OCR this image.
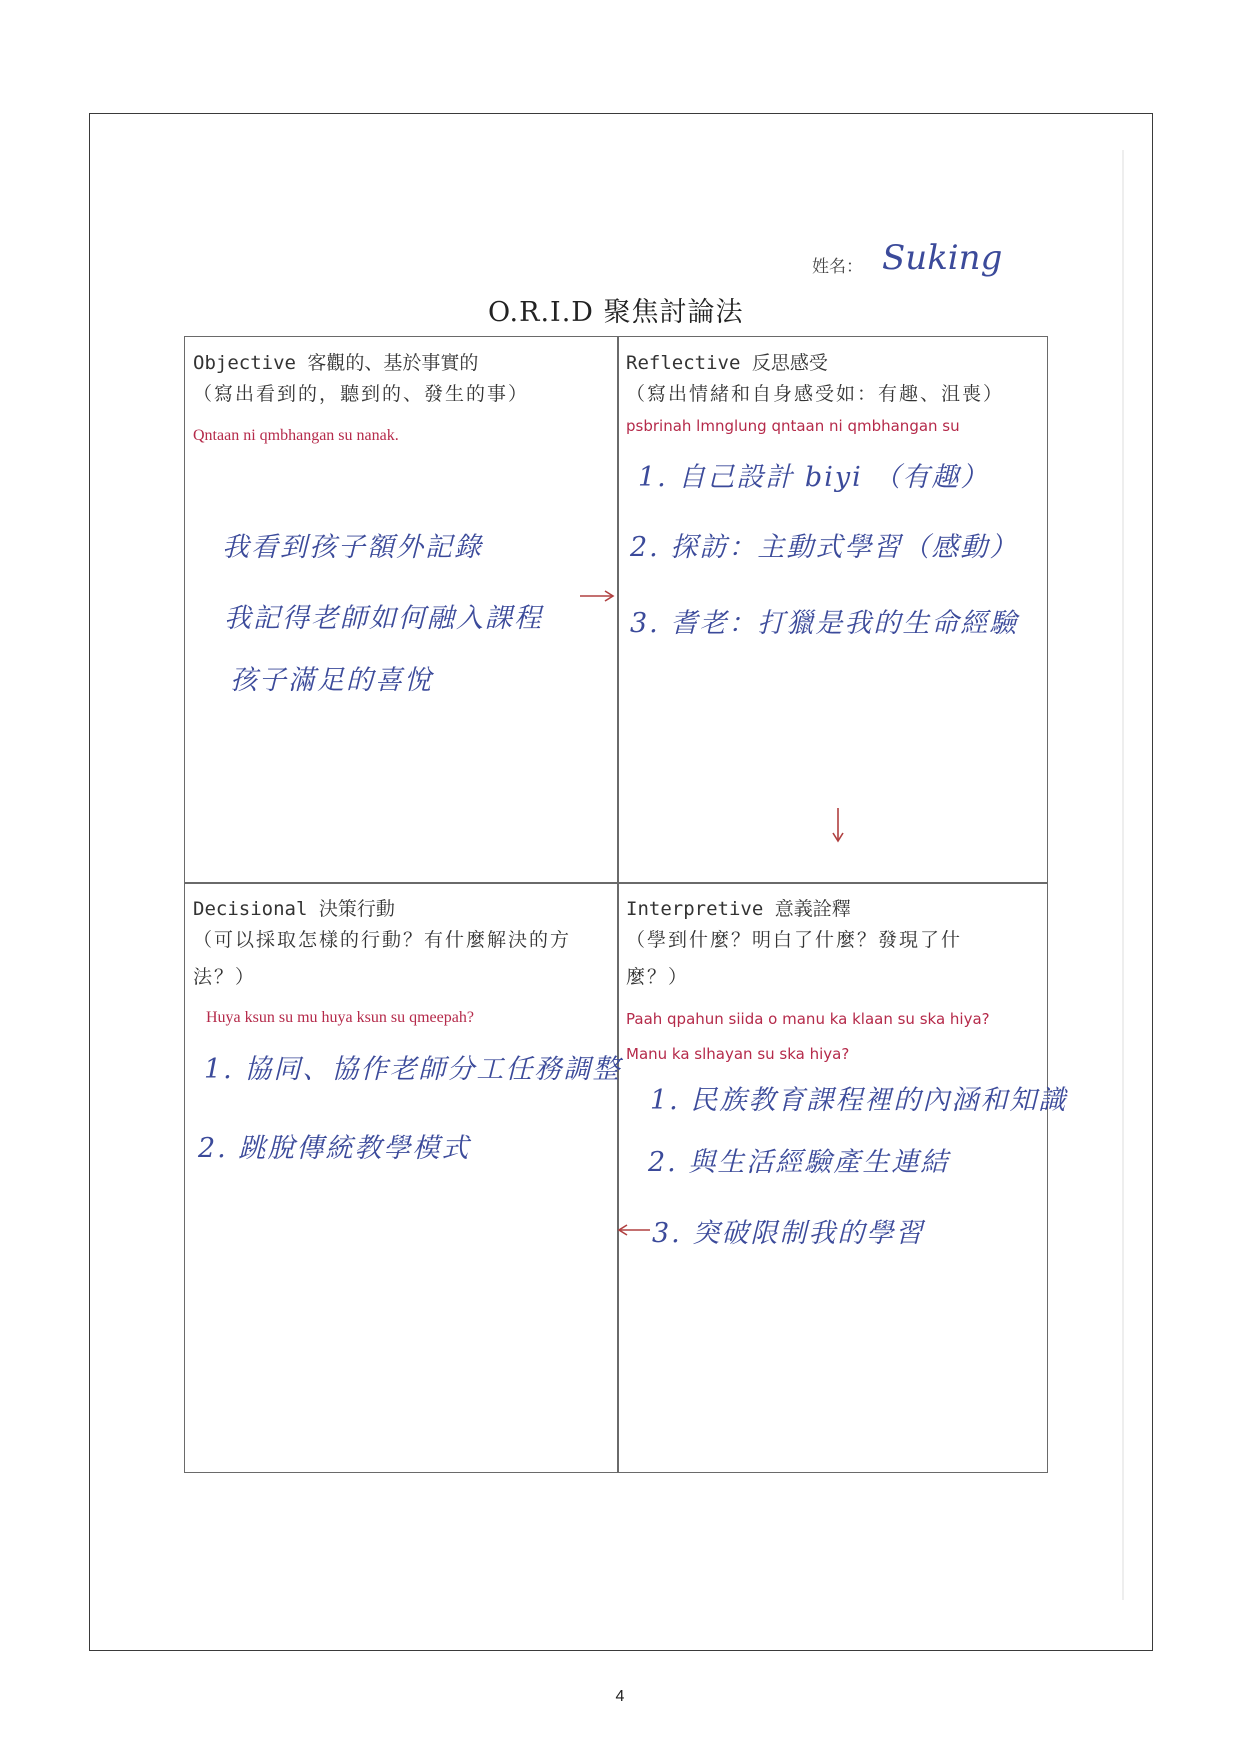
姓名： Suking
O.R.I.D 聚焦討論法
Objective 客觀的、基於事實的
（寫出看到的，聽到的、發生的事）
Qntaan ni qmbhangan su nanak.
我看到孩子額外記錄
我記得老師如何融入課程
孩子滿足的喜悅
Reflective 反思感受
（寫出情緒和自身感受如：有趣、沮喪）
psbrinah lmnglung qntaan ni qmbhangan su
1. 自己設計 biyi （有趣）
2. 探訪：主動式學習（感動）
3. 耆老：打獵是我的生命經驗
Decisional 決策行動
（可以採取怎樣的行動？有什麼解決的方
法？）
Huya ksun su mu huya ksun su qmeepah?
1. 協同、協作老師分工任務調整
2. 跳脫傳統教學模式
Interpretive 意義詮釋
（學到什麼？明白了什麼？發現了什
麼？）
Paah qpahun siida o manu ka klaan su ska hiya?
Manu ka slhayan su ska hiya?
1. 民族教育課程裡的內涵和知識
2. 與生活經驗產生連結
3. 突破限制我的學習
4
